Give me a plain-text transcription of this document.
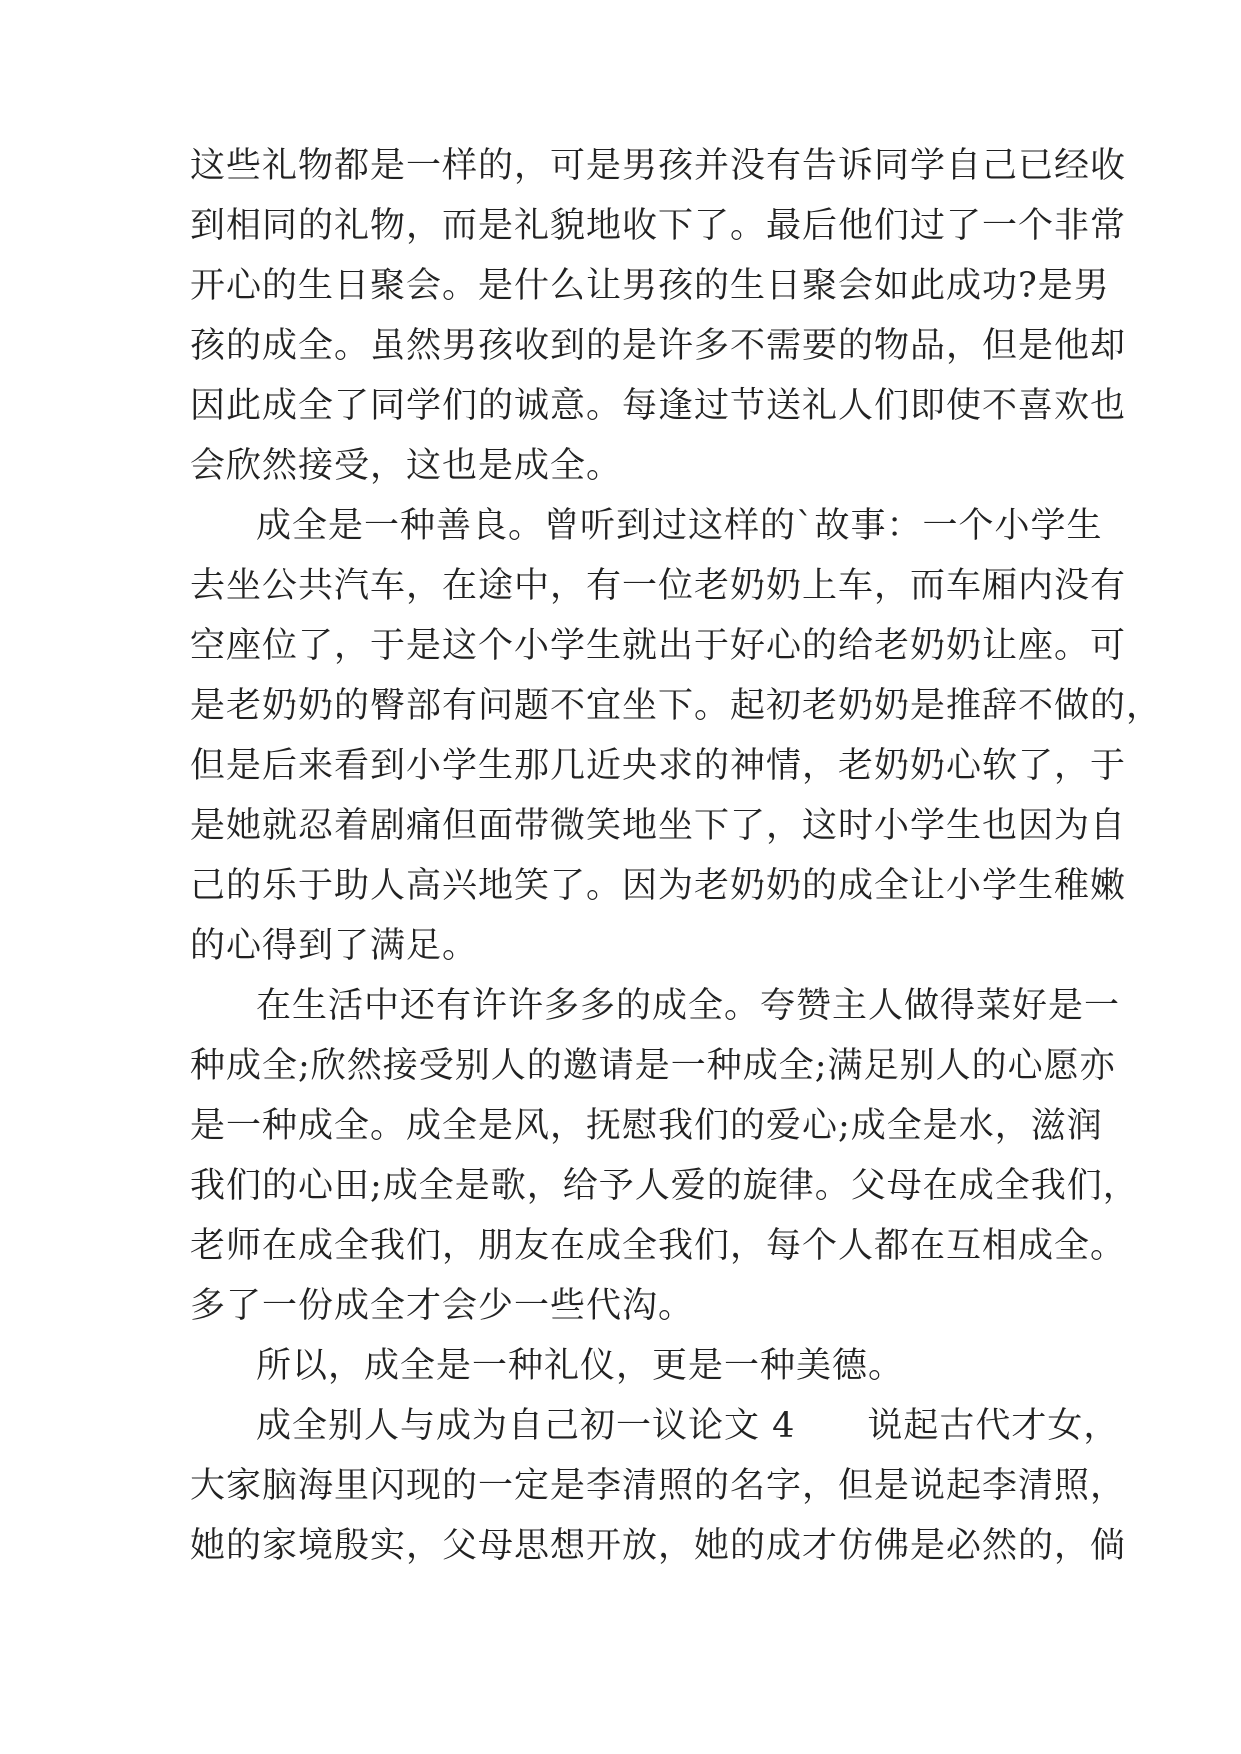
这些礼物都是一样的，可是男孩并没有告诉同学自己已经收
到相同的礼物，而是礼貌地收下了。最后他们过了一个非常
开心的生日聚会。是什么让男孩的生日聚会如此成功?是男
孩的成全。虽然男孩收到的是许多不需要的物品，但是他却
因此成全了同学们的诚意。每逢过节送礼人们即使不喜欢也
会欣然接受，这也是成全。
成全是一种善良。曾听到过这样的`故事：一个小学生
去坐公共汽车，在途中，有一位老奶奶上车，而车厢内没有
空座位了，于是这个小学生就出于好心的给老奶奶让座。可
是老奶奶的臀部有问题不宜坐下。起初老奶奶是推辞不做的，
但是后来看到小学生那几近央求的神情，老奶奶心软了，于
是她就忍着剧痛但面带微笑地坐下了，这时小学生也因为自
己的乐于助人高兴地笑了。因为老奶奶的成全让小学生稚嫩
的心得到了满足。
在生活中还有许许多多的成全。夸赞主人做得菜好是一
种成全;欣然接受别人的邀请是一种成全;满足别人的心愿亦
是一种成全。成全是风，抚慰我们的爱心;成全是水，滋润
我们的心田;成全是歌，给予人爱的旋律。父母在成全我们，
老师在成全我们，朋友在成全我们，每个人都在互相成全。
多了一份成全才会少一些代沟。
所以，成全是一种礼仪，更是一种美德。
成全别人与成为自己初一议论文 4　　说起古代才女，
大家脑海里闪现的一定是李清照的名字，但是说起李清照，
她的家境殷实，父母思想开放，她的成才仿佛是必然的，倘
